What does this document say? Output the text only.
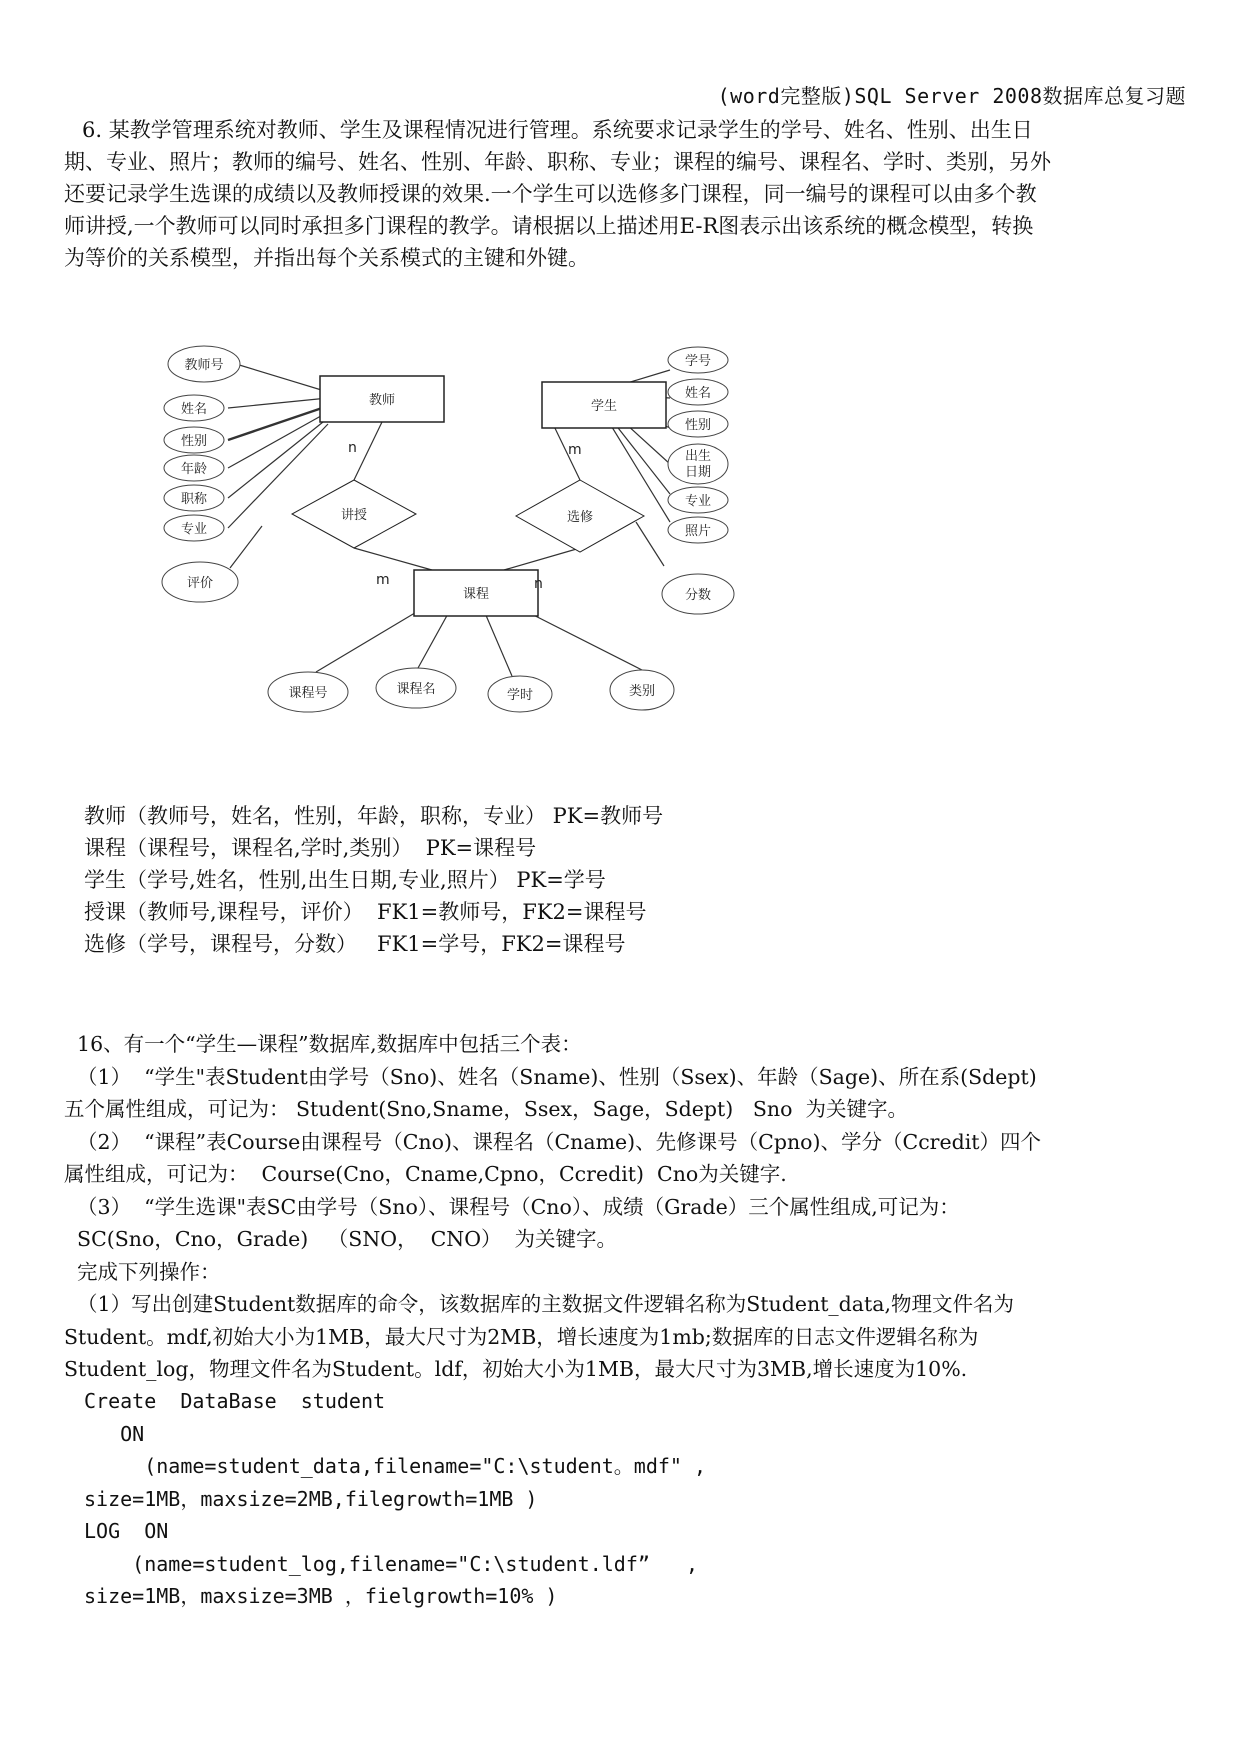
(word完整版)SQL Server 2008数据库总复习题

6. 某教学管理系统对教师、学生及课程情况进行管理。系统要求记录学生的学号、姓名、性别、出生日

期、专业、照片；教师的编号、姓名、性别、年龄、职称、专业；课程的编号、课程名、学时、类别，另外
还要记录学生选课的成绩以及教师授课的效果.一个学生可以选修多门课程，同一编号的课程可以由多个教
师讲授,一个教师可以同时承担多门课程的教学。请根据以上描述用E-R图表示出该系统的概念模型，转换
为等价的关系模型，并指出每个关系模式的主键和外键。
教师号
姓名
性别
年龄
职称
专业
学号
姓名
性别
出生
日期
专业
照片
评价
分数
课程号	课程名	学时	类别
教师	学生
课程
讲授	选修
n
m
m
n
教师（教师号，姓名，性别，年龄，职称，专业） PK=教师号
课程（课程号，课程名,学时,类别）  PK=课程号
学生（学号,姓名，性别,出生日期,专业,照片） PK=学号
授课（教师号,课程号，评价）  FK1=教师号，FK2=课程号
选修（学号，课程号，分数）   FK1=学号，FK2=课程号
16、有一个“学生—课程”数据库,数据库中包括三个表：
（1）  “学生"表Student由学号（Sno)、姓名（Sname)、性别（Ssex)、年龄（Sage)、所在系(Sdept)
五个属性组成，可记为： Student(Sno,Sname，Ssex，Sage，Sdept)   Sno  为关键字。
（2）  “课程”表Course由课程号（Cno)、课程名（Cname)、先修课号（Cpno)、学分（Ccredit）四个
属性组成，可记为：  Course(Cno，Cname,Cpno，Ccredit)  Cno为关键字.
（3）  “学生选课"表SC由学号（Sno）、课程号（Cno）、成绩（Grade）三个属性组成,可记为：
SC(Sno，Cno，Grade)   （SNO，  CNO）  为关键字。
完成下列操作：
（1）写出创建Student数据库的命令，该数据库的主数据文件逻辑名称为Student_data,物理文件名为
Student。mdf,初始大小为1MB，最大尺寸为2MB，增长速度为1mb;数据库的日志文件逻辑名称为
Student_log，物理文件名为Student。ldf，初始大小为1MB，最大尺寸为3MB,增长速度为10%.
Create  DataBase  student
ON
(name=student_data,filename="C:\student。mdf" ,
size=1MB，maxsize=2MB,filegrowth=1MB )
LOG  ON
(name=student_log,filename="C:\student.ldf”   ,
size=1MB，maxsize=3MB ，fielgrowth=10% )
